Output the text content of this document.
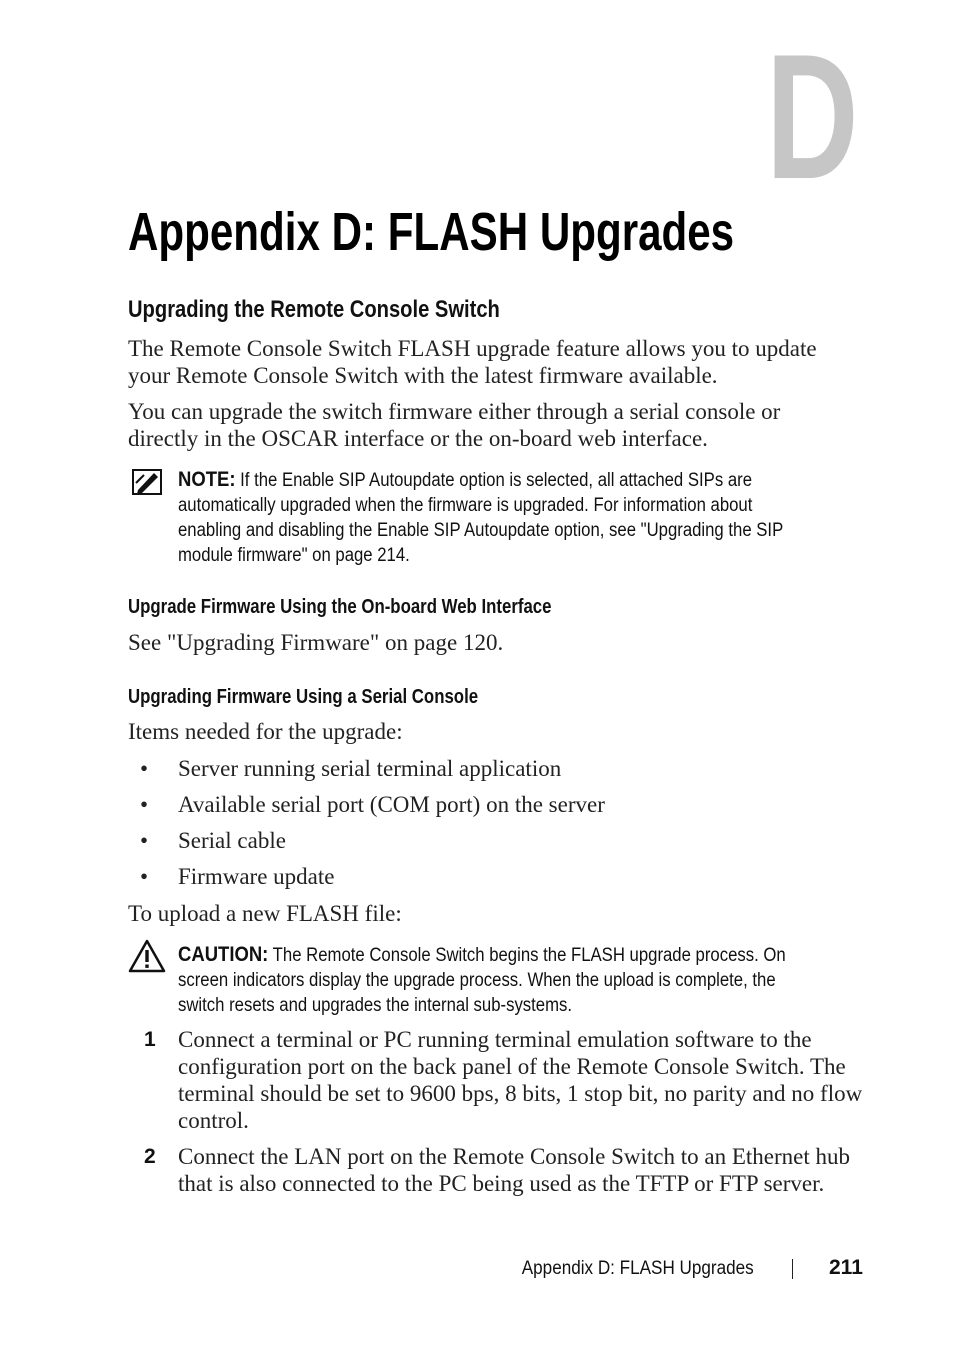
D
Appendix D: FLASH Upgrades
Upgrading the Remote Console Switch
The Remote Console Switch FLASH upgrade feature allows you to update
your Remote Console Switch with the latest firmware available.
You can upgrade the switch firmware either through a serial console or
directly in the OSCAR interface or the on-board web interface.
NOTE: If the Enable SIP Autoupdate option is selected, all attached SIPs are
automatically upgraded when the firmware is upgraded. For information about
enabling and disabling the Enable SIP Autoupdate option, see "Upgrading the SIP
module firmware" on page 214.
Upgrade Firmware Using the On-board Web Interface
See "Upgrading Firmware" on page 120.
Upgrading Firmware Using a Serial Console
Items needed for the upgrade:
• Server running serial terminal application
• Available serial port (COM port) on the server
• Serial cable
• Firmware update
To upload a new FLASH file:
CAUTION: The Remote Console Switch begins the FLASH upgrade process. On
screen indicators display the upgrade process. When the upload is complete, the
switch resets and upgrades the internal sub-systems.
1 Connect a terminal or PC running terminal emulation software to the
configuration port on the back panel of the Remote Console Switch. The
terminal should be set to 9600 bps, 8 bits, 1 stop bit, no parity and no flow
control.
2 Connect the LAN port on the Remote Console Switch to an Ethernet hub
that is also connected to the PC being used as the TFTP or FTP server.
Appendix D: FLASH Upgrades	211
